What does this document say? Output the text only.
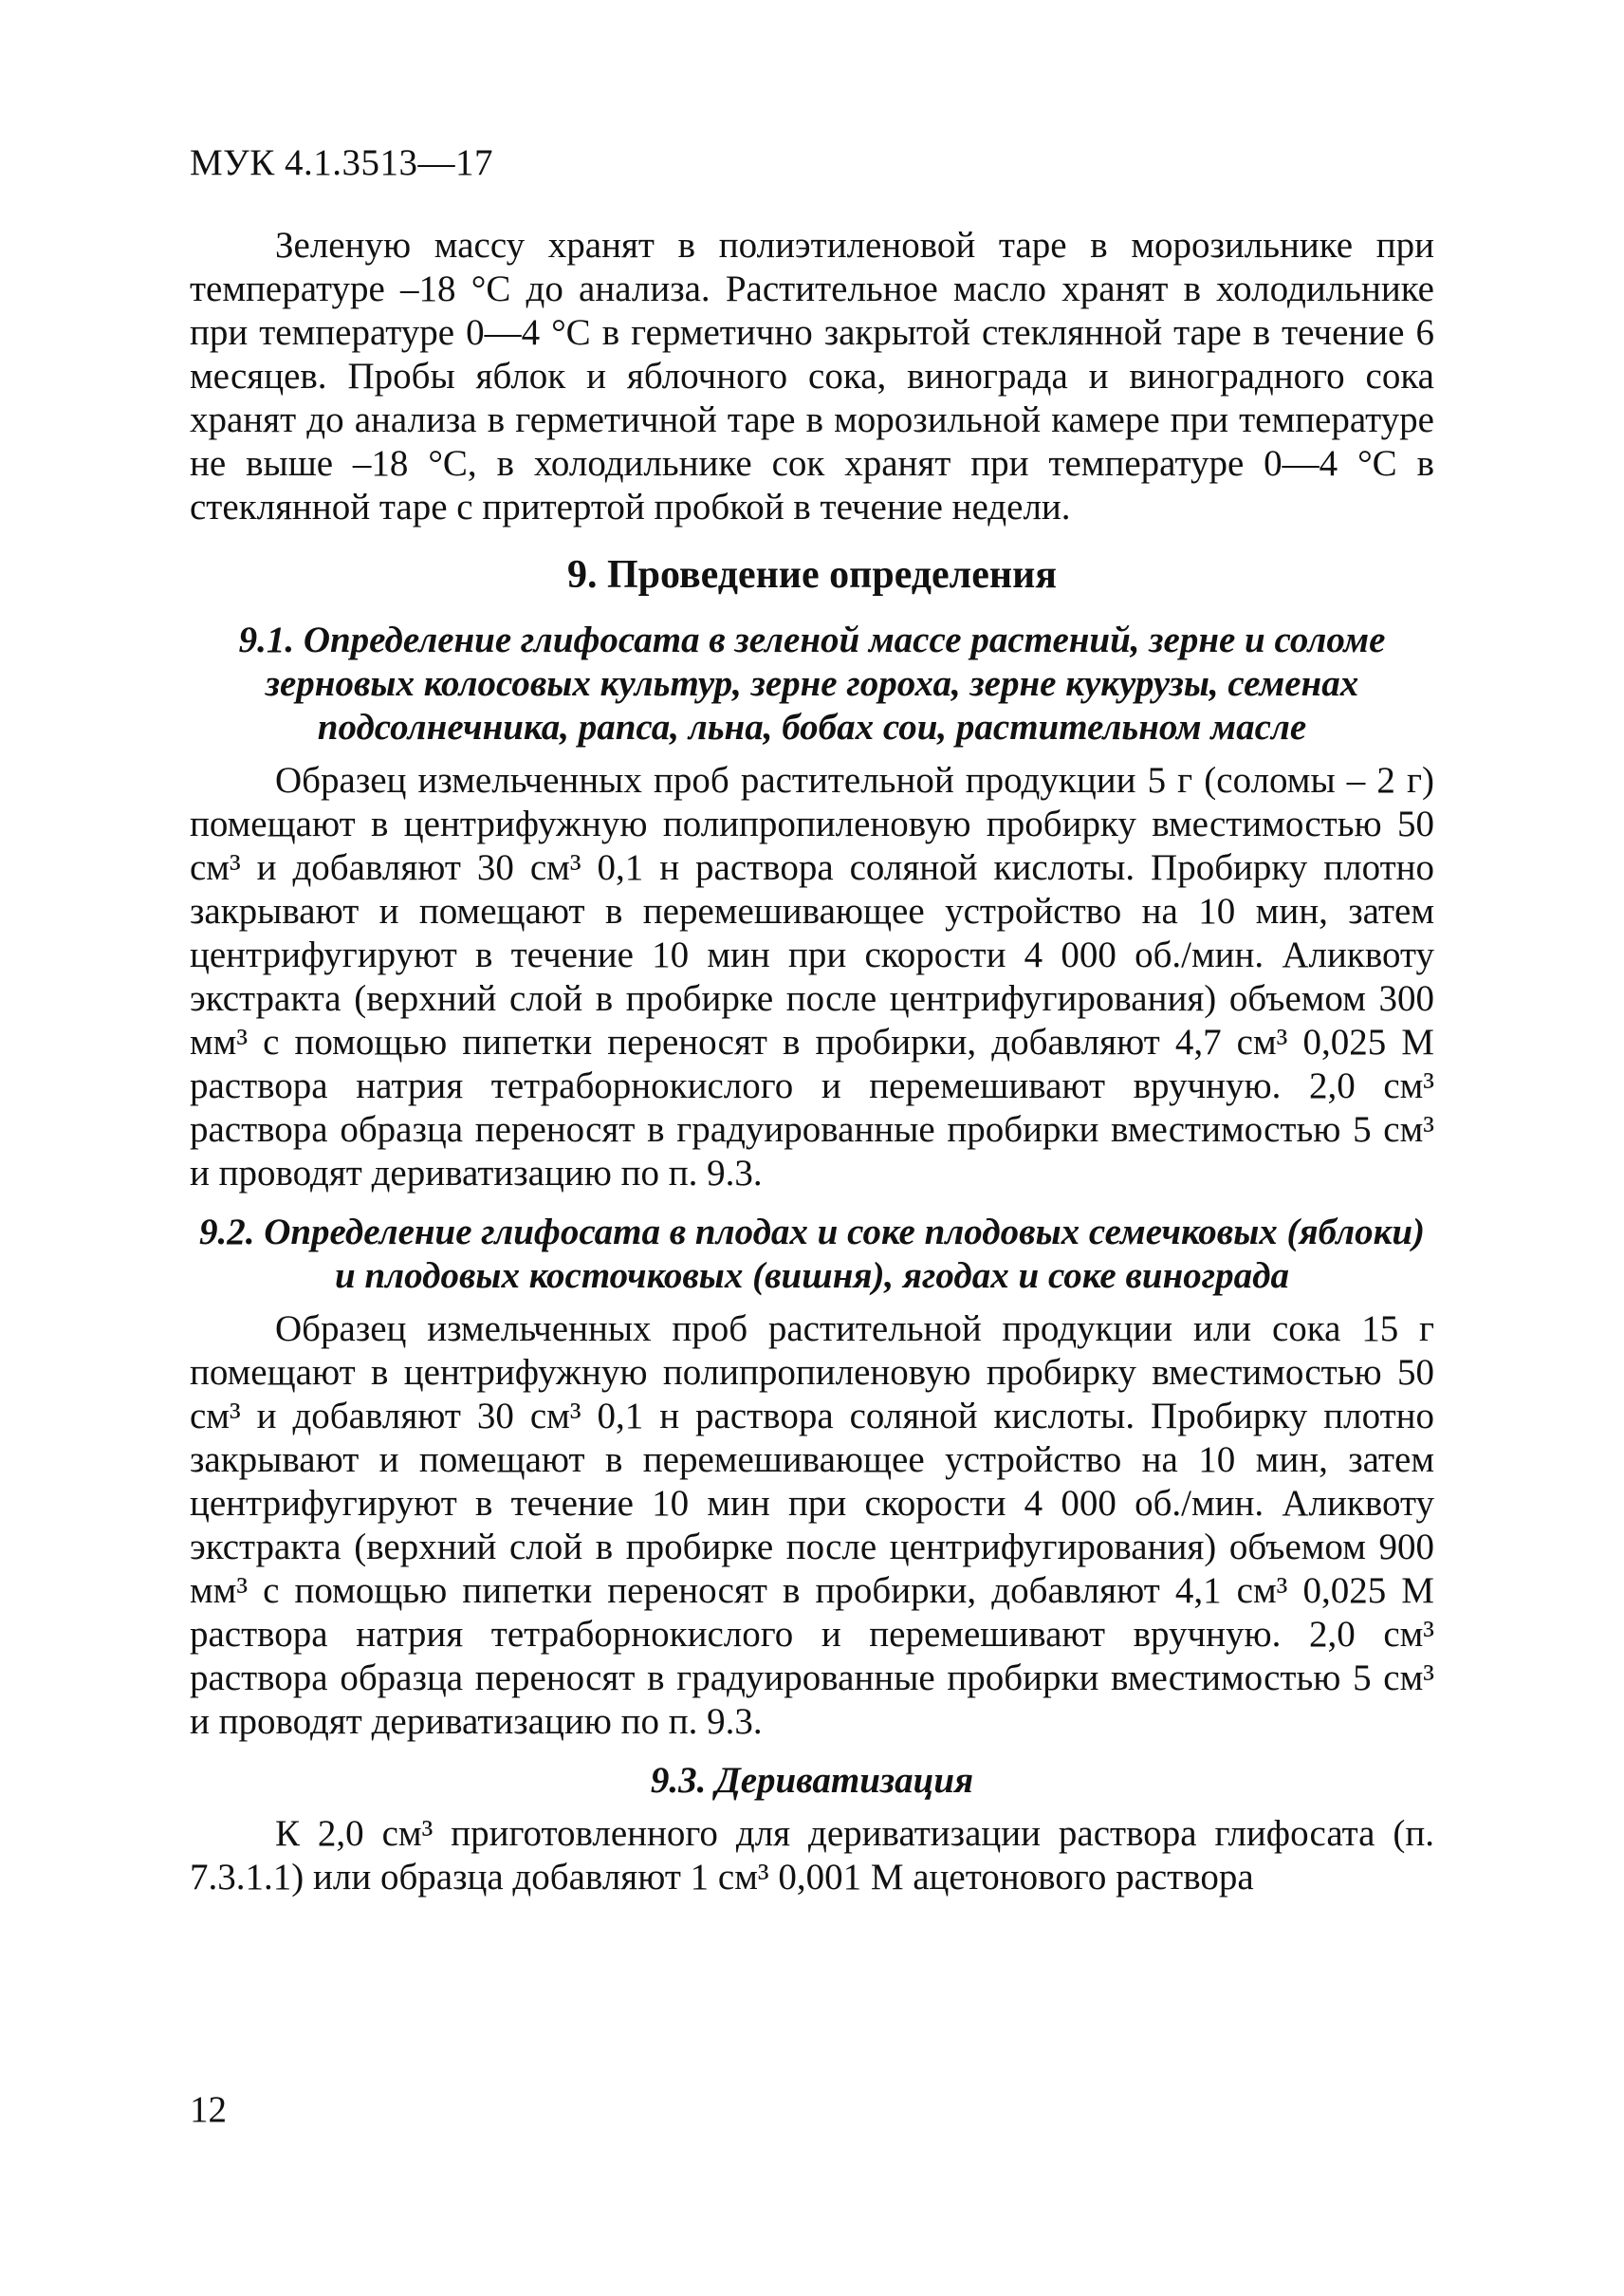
МУК 4.1.3513—17

Зеленую массу хранят в полиэтиленовой таре в морозильнике при температуре –18 °С до анализа. Растительное масло хранят в холодильнике при температуре 0—4 °С в герметично закрытой стеклянной таре в течение 6 месяцев. Пробы яблок и яблочного сока, винограда и виноградного сока хранят до анализа в герметичной таре в морозильной камере при температуре не выше –18 °С, в холодильнике сок хранят при температуре 0—4 °С в стеклянной таре с притертой пробкой в течение недели.

9. Проведение определения
9.1. Определение глифосата в зеленой массе растений, зерне и соломе зерновых колосовых культур, зерне гороха, зерне кукурузы, семенах подсолнечника, рапса, льна, бобах сои, растительном масле

Образец измельченных проб растительной продукции 5 г (соломы – 2 г) помещают в центрифужную полипропиленовую пробирку вместимостью 50 см³ и добавляют 30 см³ 0,1 н раствора соляной кислоты. Пробирку плотно закрывают и помещают в перемешивающее устройство на 10 мин, затем центрифугируют в течение 10 мин при скорости 4 000 об./мин. Аликвоту экстракта (верхний слой в пробирке после центрифугирования) объемом 300 мм³ с помощью пипетки переносят в пробирки, добавляют 4,7 см³ 0,025 М раствора натрия тетраборнокислого и перемешивают вручную. 2,0 см³ раствора образца переносят в градуированные пробирки вместимостью 5 см³ и проводят дериватизацию по п. 9.3.

9.2. Определение глифосата в плодах и соке плодовых семечковых (яблоки) и плодовых косточковых (вишня), ягодах и соке винограда

Образец измельченных проб растительной продукции или сока 15 г помещают в центрифужную полипропиленовую пробирку вместимостью 50 см³ и добавляют 30 см³ 0,1 н раствора соляной кислоты. Пробирку плотно закрывают и помещают в перемешивающее устройство на 10 мин, затем центрифугируют в течение 10 мин при скорости 4 000 об./мин. Аликвоту экстракта (верхний слой в пробирке после центрифугирования) объемом 900 мм³ с помощью пипетки переносят в пробирки, добавляют 4,1 см³ 0,025 М раствора натрия тетраборнокислого и перемешивают вручную. 2,0 см³ раствора образца переносят в градуированные пробирки вместимостью 5 см³ и проводят дериватизацию по п. 9.3.

9.3. Дериватизация

К 2,0 см³ приготовленного для дериватизации раствора глифосата (п. 7.3.1.1) или образца добавляют 1 см³ 0,001 М ацетонового раствора

12
